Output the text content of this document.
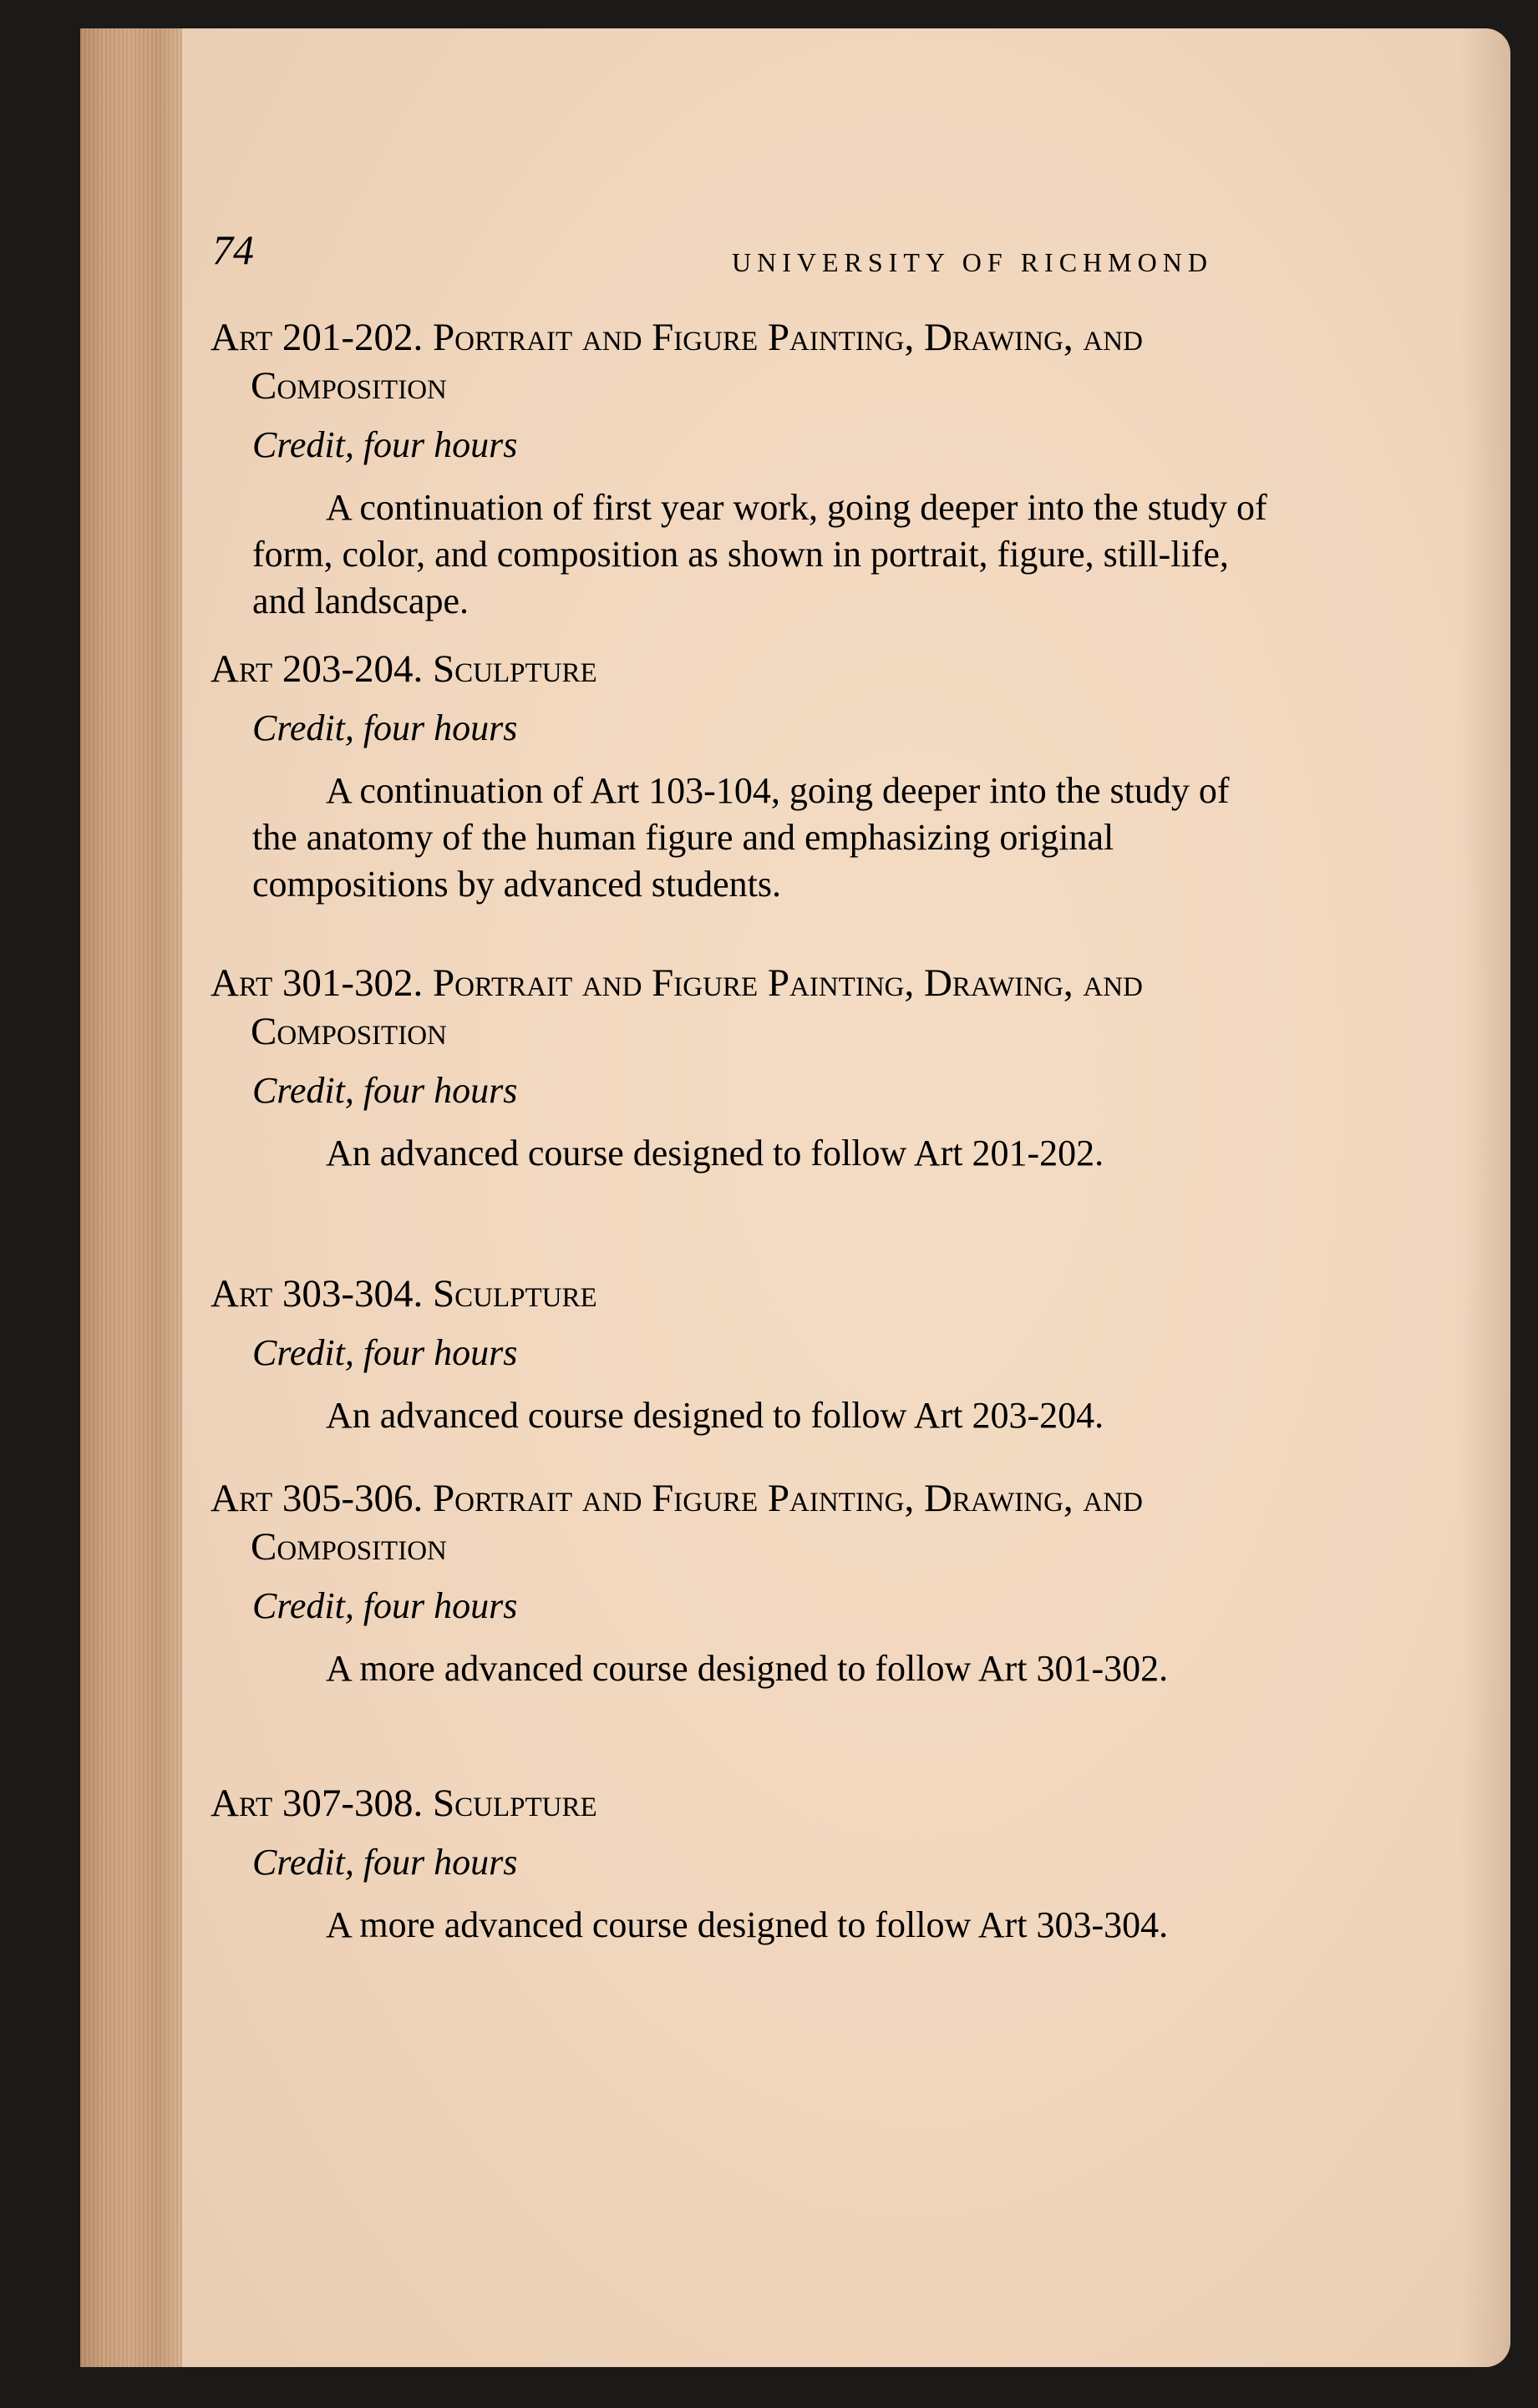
74	UNIVERSITY OF RICHMOND
Art 201-202. Portrait and Figure Painting, Drawing, and Composition
Credit, four hours
A continuation of first year work, going deeper into the study of form, color, and composition as shown in portrait, figure, still-life, and landscape.
Art 203-204. Sculpture
Credit, four hours
A continuation of Art 103-104, going deeper into the study of the anatomy of the human figure and emphasizing original compositions by advanced students.
Art 301-302. Portrait and Figure Painting, Drawing, and Composition
Credit, four hours
An advanced course designed to follow Art 201-202.
Art 303-304. Sculpture
Credit, four hours
An advanced course designed to follow Art 203-204.
Art 305-306. Portrait and Figure Painting, Drawing, and Composition
Credit, four hours
A more advanced course designed to follow Art 301-302.
Art 307-308. Sculpture
Credit, four hours
A more advanced course designed to follow Art 303-304.
